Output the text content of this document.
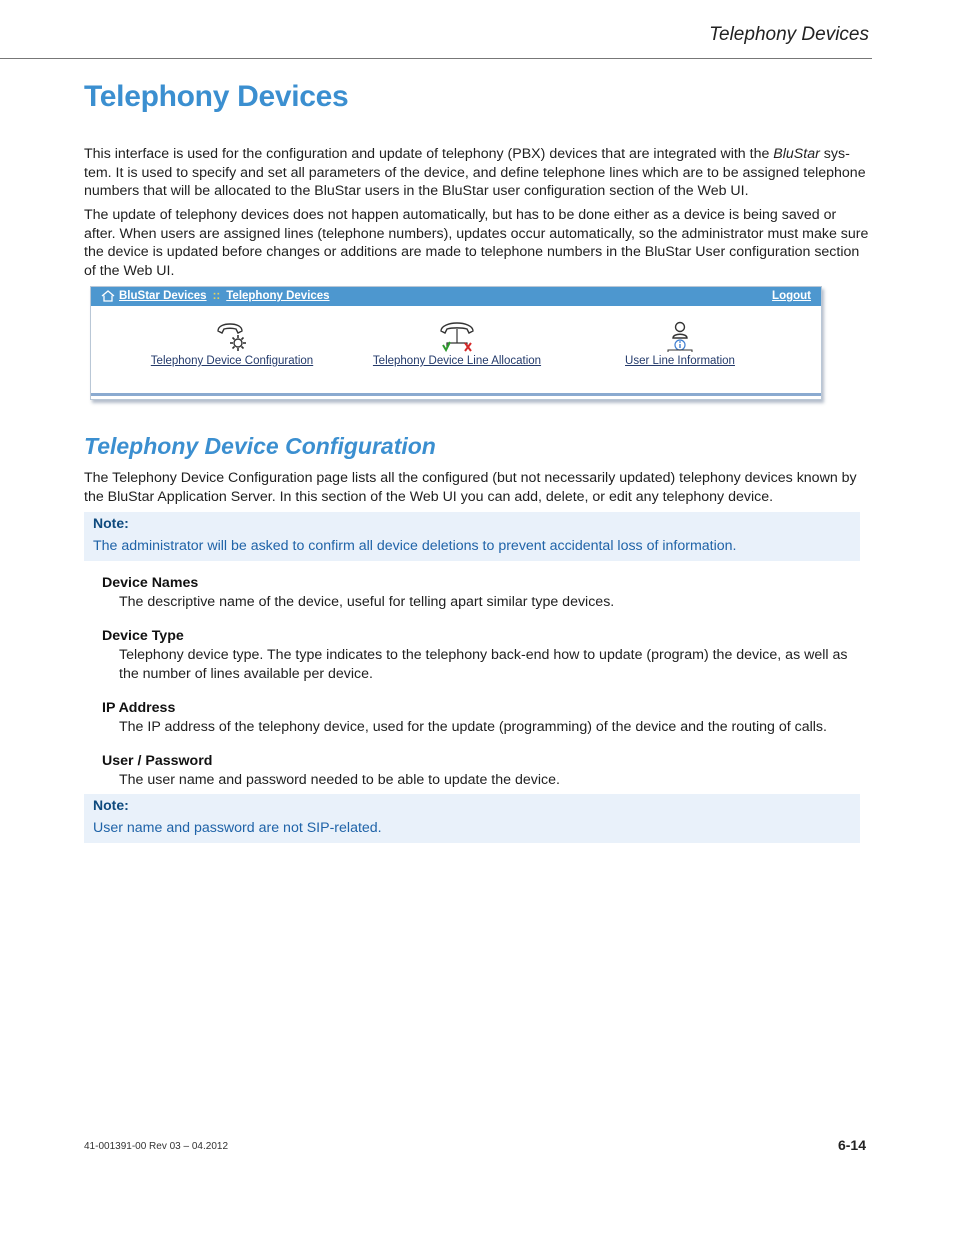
Telephony Devices
Telephony Devices

This interface is used for the configuration and update of telephony (PBX) devices that are integrated with the BluStar system. It is used to specify and set all parameters of the device, and define telephone lines which are to be assigned telephone numbers that will be allocated to the BluStar users in the BluStar user configuration section of the Web UI.

The update of telephony devices does not happen automatically, but has to be done either as a device is being saved or after. When users are assigned lines (telephone numbers), updates occur automatically, so the administrator must make sure the device is updated before changes or additions are made to telephone numbers in the BluStar User configuration section of the Web UI.

BluStar Devices :: Telephony Devices	Logout
Telephony Device Configuration	Telephony Device Line Allocation	User Line Information
Telephony Device Configuration

The Telephony Device Configuration page lists all the configured (but not necessarily updated) telephony devices known by the BluStar Application Server. In this section of the Web UI you can add, delete, or edit any telephony device.

Note:
The administrator will be asked to confirm all device deletions to prevent accidental loss of information.
Device Names

The descriptive name of the device, useful for telling apart similar type devices.

Device Type

Telephony device type. The type indicates to the telephony back-end how to update (program) the device, as well as the number of lines available per device.

IP Address

The IP address of the telephony device, used for the update (programming) of the device and the routing of calls.

User / Password

The user name and password needed to be able to update the device.

Note:
User name and password are not SIP-related.
41-001391-00 Rev 03 – 04.2012	6-14
